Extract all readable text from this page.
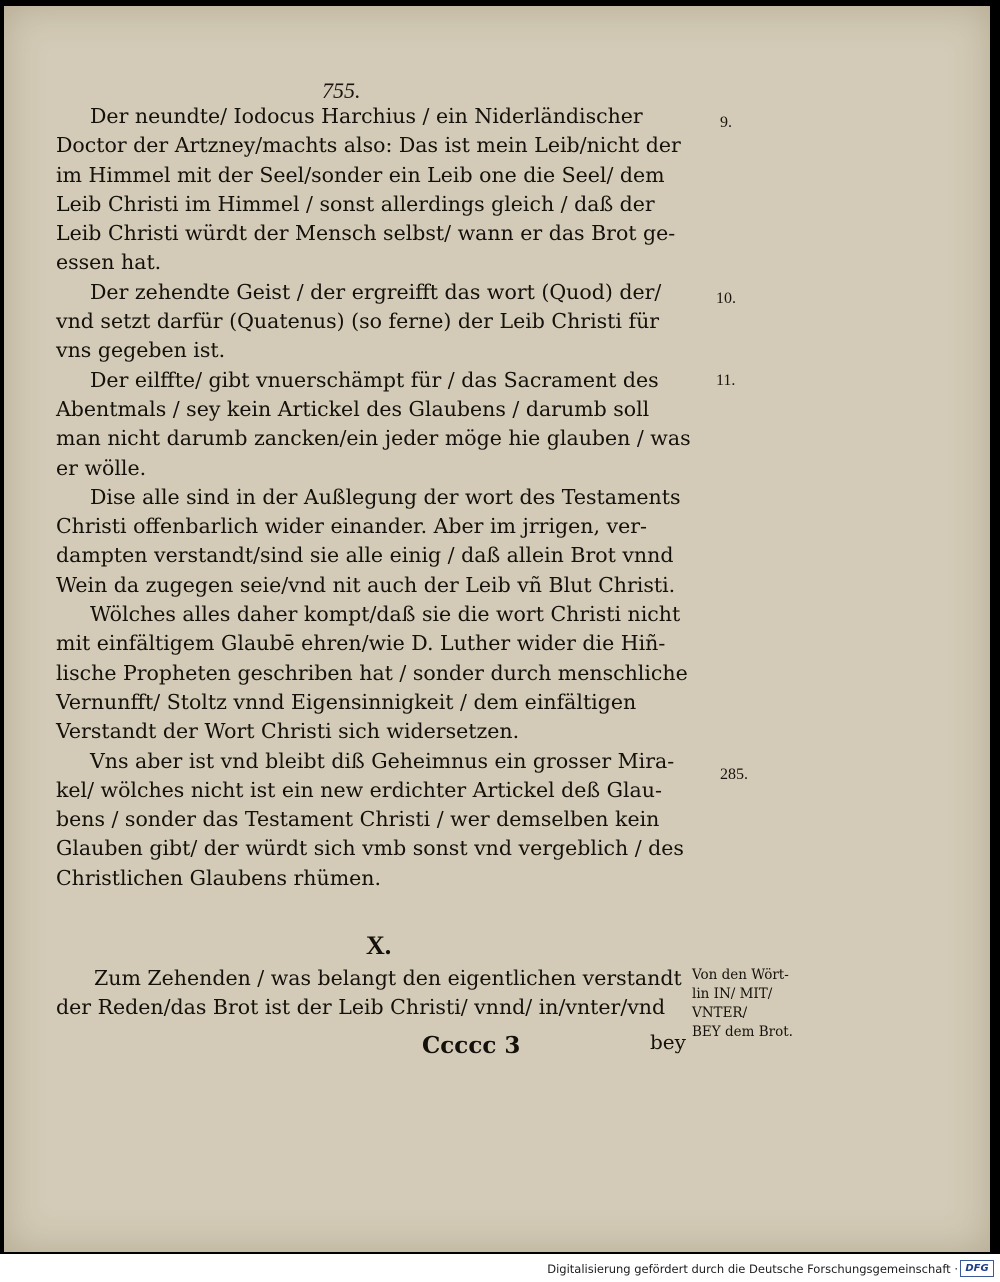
755.
Der neundte/ Iodocus Harchius / ein Niderländischer
Doctor der Artzney/machts also: Das ist mein Leib/nicht der
im Himmel mit der Seel/sonder ein Leib one die Seel/ dem
Leib Christi im Himmel / sonst allerdings gleich / daß der
Leib Christi würdt der Mensch selbst/ wann er das Brot ge-
essen hat.
Der zehendte Geist / der ergreifft das wort (Quod) der/
vnd setzt darfür (Quatenus) (so ferne) der Leib Christi für
vns gegeben ist.
Der eilffte/ gibt vnuerschämpt für / das Sacrament des
Abentmals / sey kein Artickel des Glaubens / darumb soll
man nicht darumb zancken/ein jeder möge hie glauben / was
er wölle.
Dise alle sind in der Außlegung der wort des Testaments
Christi offenbarlich wider einander. Aber im jrrigen, ver-
dampten verstandt/sind sie alle einig / daß allein Brot vnnd
Wein da zugegen seie/vnd nit auch der Leib vñ Blut Christi.
Wölches alles daher kompt/daß sie die wort Christi nicht
mit einfältigem Glaubē ehren/wie D. Luther wider die Hiñ-
lische Propheten geschriben hat / sonder durch menschliche
Vernunfft/ Stoltz vnnd Eigensinnigkeit / dem einfältigen
Verstandt der Wort Christi sich widersetzen.
Vns aber ist vnd bleibt diß Geheimnus ein grosser Mira-
kel/ wölches nicht ist ein new erdichter Artickel deß Glau-
bens / sonder das Testament Christi / wer demselben kein
Glauben gibt/ der würdt sich vmb sonst vnd vergeblich / des
Christlichen Glaubens rhümen.
9.
10.
11.
285.
X.
Zum Zehenden / was belangt den eigentlichen verstandt
der Reden/das Brot ist der Leib Christi/ vnnd/ in/vnter/vnd
Von den Wört-
lin IN/ MIT/
VNTER/
BEY dem Brot.
Ccccc 3	bey
Digitalisierung gefördert durch die Deutsche Forschungsgemeinschaft · DFG
